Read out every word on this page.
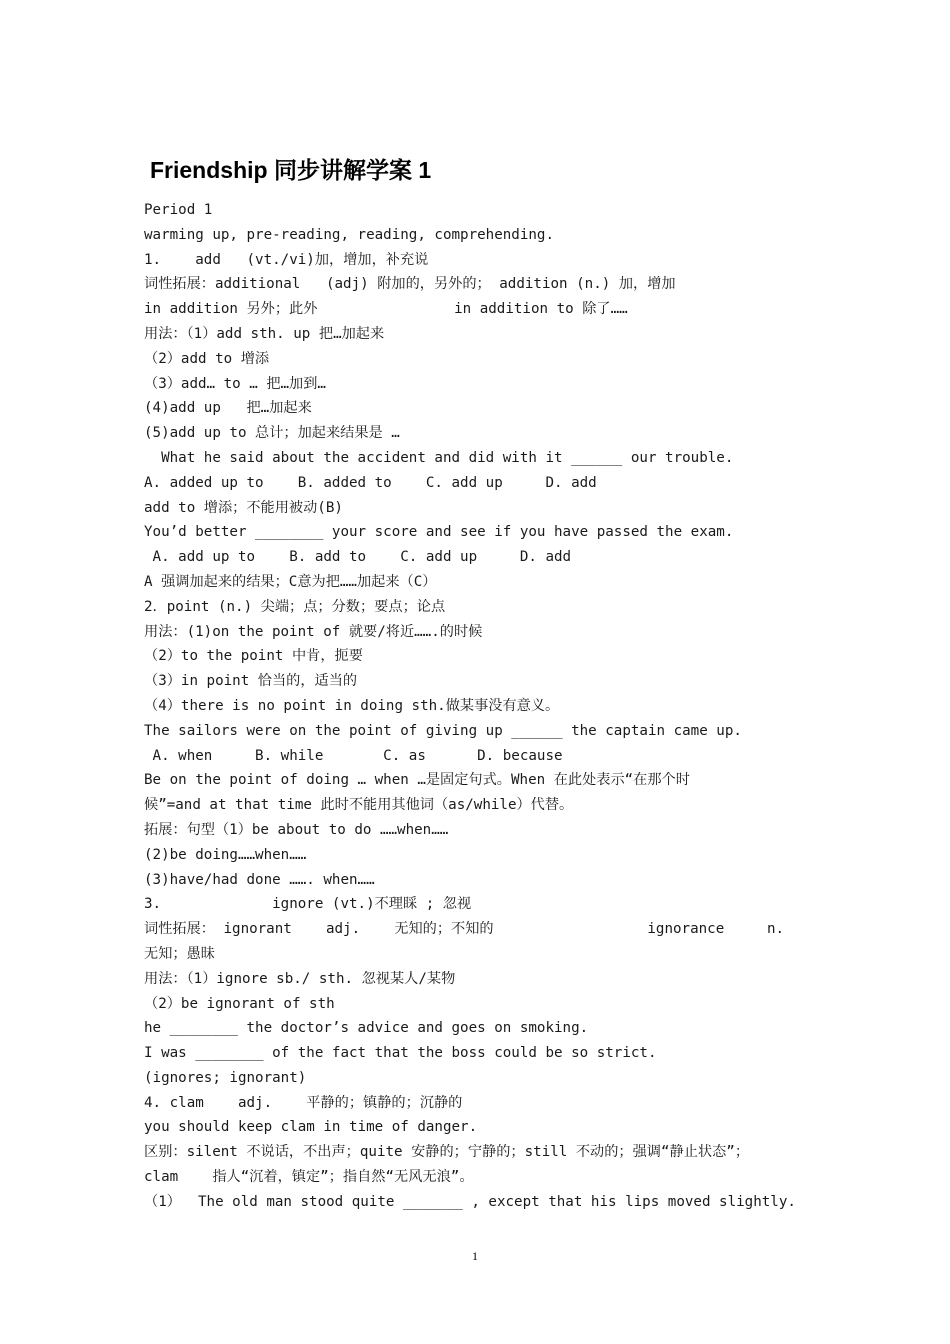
Friendship 同步讲解学案 1
Period 1
warming up, pre-reading, reading, comprehending.
1.    add   (vt./vi)加，增加，补充说
词性拓展：additional   (adj) 附加的，另外的； addition (n.) 加，增加
in addition 另外；此外                in addition to 除了……
用法：（1）add sth. up 把…加起来
（2）add to 增添
（3）add… to … 把…加到…
(4)add up   把…加起来
(5)add up to 总计；加起来结果是 …
What he said about the accident and did with it ______ our trouble.
A. added up to    B. added to    C. add up     D. add
add to 增添；不能用被动(B)
You’d better ________ your score and see if you have passed the exam.
A. add up to    B. add to    C. add up     D. add
A 强调加起来的结果；C意为把……加起来（C）
2．point (n.) 尖端；点；分数；要点；论点
用法：(1)on the point of 就要/将近…….的时候
（2）to the point 中肯，扼要
（3）in point 恰当的，适当的
（4）there is no point in doing sth.做某事没有意义。
The sailors were on the point of giving up ______ the captain came up.
A. when     B. while       C. as      D. because
Be on the point of doing … when …是固定句式。When 在此处表示“在那个时
候”=and at that time 此时不能用其他词（as/while）代替。
拓展：句型（1）be about to do ……when……
(2)be doing……when……
(3)have/had done ……. when……
3.             ignore (vt.)不理睬 ; 忽视
词性拓展： ignorant    adj.    无知的；不知的                  ignorance     n.
无知；愚昧
用法：（1）ignore sb./ sth. 忽视某人/某物
（2）be ignorant of sth
he ________ the doctor’s advice and goes on smoking.
I was ________ of the fact that the boss could be so strict.
(ignores; ignorant)
4. clam    adj.    平静的；镇静的；沉静的
you should keep clam in time of danger.
区别：silent 不说话，不出声；quite 安静的；宁静的；still 不动的；强调“静止状态”；
clam    指人“沉着，镇定”；指自然“无风无浪”。
（1）  The old man stood quite _______ , except that his lips moved slightly.
1
